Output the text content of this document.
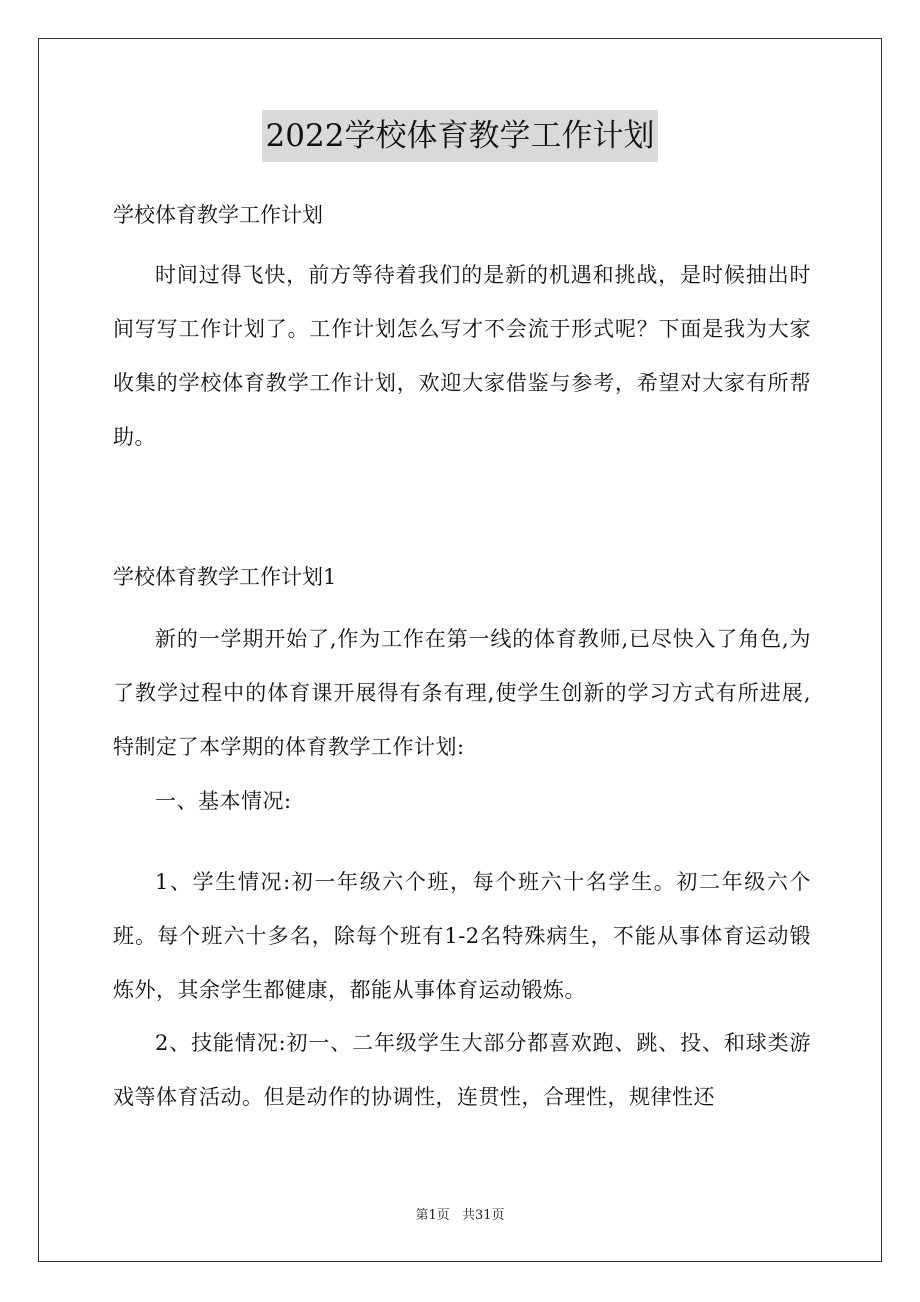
2022学校体育教学工作计划

学校体育教学工作计划

时间过得飞快，前方等待着我们的是新的机遇和挑战，是时候抽出时间写写工作计划了。工作计划怎么写才不会流于形式呢？下面是我为大家收集的学校体育教学工作计划，欢迎大家借鉴与参考，希望对大家有所帮助。

学校体育教学工作计划1

新的一学期开始了,作为工作在第一线的体育教师,已尽快入了角色,为了教学过程中的体育课开展得有条有理,使学生创新的学习方式有所进展,特制定了本学期的体育教学工作计划:

一、基本情况:

1、学生情况:初一年级六个班，每个班六十名学生。初二年级六个班。每个班六十多名，除每个班有1-2名特殊病生，不能从事体育运动锻炼外，其余学生都健康，都能从事体育运动锻炼。

2、技能情况:初一、二年级学生大部分都喜欢跑、跳、投、和球类游戏等体育活动。但是动作的协调性，连贯性，合理性，规律性还

第1页 共31页
